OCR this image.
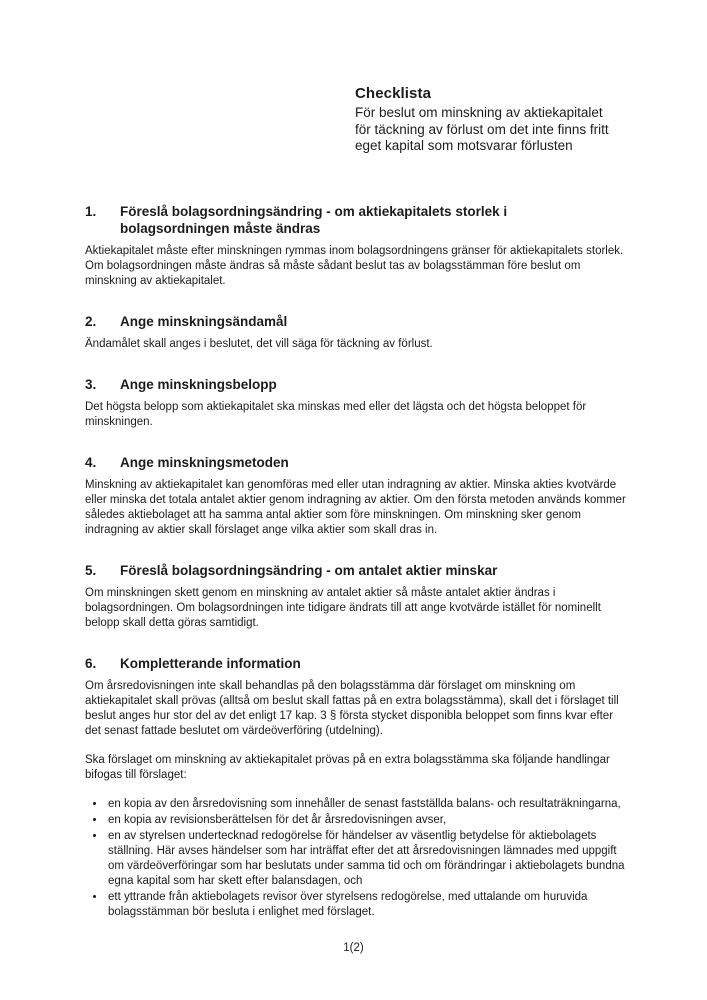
Checklista
För beslut om minskning av aktiekapitalet
för täckning av förlust om det inte finns fritt
eget kapital som motsvarar förlusten
1.	Föreslå bolagsordningsändring - om aktiekapitalets storlek i bolagsordningen måste ändras

Aktiekapitalet måste efter minskningen rymmas inom bolagsordningens gränser för aktiekapitalets storlek. Om bolagsordningen måste ändras så måste sådant beslut tas av bolagsstämman före beslut om minskning av aktiekapitalet.

2.	Ange minskningsändamål

Ändamålet skall anges i beslutet, det vill säga för täckning av förlust.

3.	Ange minskningsbelopp

Det högsta belopp som aktiekapitalet ska minskas med eller det lägsta och det högsta beloppet för minskningen.

4.	Ange minskningsmetoden

Minskning av aktiekapitalet kan genomföras med eller utan indragning av aktier. Minska akties kvotvärde eller minska det totala antalet aktier genom indragning av aktier. Om den första metoden används kommer således aktiebolaget att ha samma antal aktier som före minskningen. Om minskning sker genom indragning av aktier skall förslaget ange vilka aktier som skall dras in.

5.	Föreslå bolagsordningsändring - om antalet aktier minskar

Om minskningen skett genom en minskning av antalet aktier så måste antalet aktier ändras i bolagsordningen. Om bolagsordningen inte tidigare ändrats till att ange kvotvärde istället för nominellt belopp skall detta göras samtidigt.

6.	Kompletterande information

Om årsredovisningen inte skall behandlas på den bolagsstämma där förslaget om minskning om aktiekapitalet skall prövas (alltså om beslut skall fattas på en extra bolagsstämma), skall det i förslaget till beslut anges hur stor del av det enligt 17 kap. 3 § första stycket disponibla beloppet som finns kvar efter det senast fattade beslutet om värdeöverföring (utdelning).

Ska förslaget om minskning av aktiekapitalet prövas på en extra bolagsstämma ska följande handlingar bifogas till förslaget:

• en kopia av den årsredovisning som innehåller de senast fastställda balans- och resultaträkningarna,
• en kopia av revisionsberättelsen för det år årsredovisningen avser,
• en av styrelsen undertecknad redogörelse för händelser av väsentlig betydelse för aktiebolagets ställning. Här avses händelser som har inträffat efter det att årsredovisningen lämnades med uppgift om värdeöverföringar som har beslutats under samma tid och om förändringar i aktiebolagets bundna egna kapital som har skett efter balansdagen, och
• ett yttrande från aktiebolagets revisor över styrelsens redogörelse, med uttalande om huruvida bolagsstämman bör besluta i enlighet med förslaget.
1(2)
